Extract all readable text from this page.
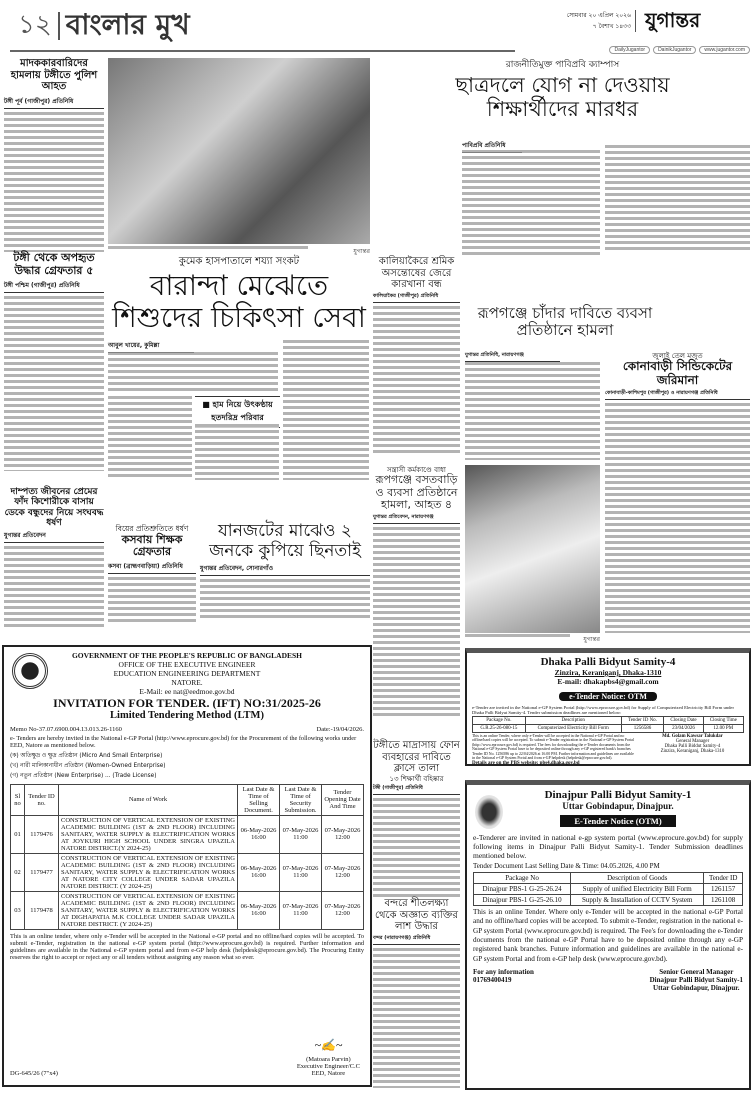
১২ বাংলার মুখ	সোমবার ২০ এপ্রিল ২০২৬
৭ বৈশাখ ১৪৩৩ যুগান্তর
DailyJugantor	DainikJugantor	www.jugantor.com
মাদককারবারিদের হামলায় টঙ্গীতে পুলিশ আহত
টঙ্গী পূর্ব (গাজীপুর) প্রতিনিধি
টঙ্গী থেকে অপহৃত উদ্ধার গ্রেফতার ৫
টঙ্গী পশ্চিম (গাজীপুর) প্রতিনিধি
দাম্পত্য জীবনের প্রেমের ফাঁদ কিশোরীকে বাসায় ডেকে বন্ধুদের নিয়ে সংঘবদ্ধ ধর্ষণ
যুগান্তর প্রতিবেদন
যুগান্তর
কুমেক হাসপাতালে শয্যা সংকট
বারান্দা মেঝেতে শিশুদের চিকিৎসা সেবা
আবুল খায়ের, কুমিল্লা
■ হাম নিয়ে উৎকণ্ঠায় হতদরিদ্র পরিবার
বিয়ের প্রতিশ্রুতিতে ধর্ষণ
কসবায় শিক্ষক গ্রেফতার
কসবা (ব্রাহ্মণবাড়িয়া) প্রতিনিধি
যানজটের মাঝেও ২ জনকে কুপিয়ে ছিনতাই
যুগান্তর প্রতিবেদন, সোনারগাঁও
রাজনীতিমুক্ত পাবিপ্রবি ক্যাম্পাস
ছাত্রদলে যোগ না দেওয়ায় শিক্ষার্থীদের মারধর
পাবিপ্রবি প্রতিনিধি
কালিয়াকৈরে শ্রমিক অসন্তোষের জেরে কারখানা বন্ধ
কালিয়াকৈর (গাজীপুর) প্রতিনিধি
সন্ত্রাসী কর্মকাণ্ডে বাধা
রূপগঞ্জে বসতবাড়ি ও ব্যবসা প্রতিষ্ঠানে হামলা, আহত ৪
যুগান্তর প্রতিবেদন, নারায়ণগঞ্জ
টঙ্গীতে মাদ্রাসায় ফোন ব্যবহারের দাবিতে ক্লাসে তালা
১৩ শিক্ষার্থী বহিষ্কার
টঙ্গী (গাজীপুর) প্রতিনিধি
বন্দরে শীতলক্ষ্যা থেকে অজ্ঞাত ব্যক্তির লাশ উদ্ধার
বন্দর (নারায়ণগঞ্জ) প্রতিনিধি
রূপগঞ্জে চাঁদার দাবিতে ব্যবসা প্রতিষ্ঠানে হামলা
যুগান্তর প্রতিনিধি, নারায়ণগঞ্জ
যুগান্তর
জুলাই তেল মজুত
কোনাবাড়ী সিন্ডিকেটের জরিমানা
কোনাবাড়ী-কাশিমপুর (গাজীপুর) ও নারায়ণগঞ্জ প্রতিনিধি
GOVERNMENT OF THE PEOPLE'S REPUBLIC OF BANGLADESH
OFFICE OF THE EXECUTIVE ENGINEER
EDUCATION ENGINEERING DEPARTMENT
NATORE.
E-Mail: ee nat@eedmoe.gov.bd
INVITATION FOR TENDER. (IFT) NO:31/2025-26
Limited Tendering Method (LTM)
Memo No-37.07.6900.004.13.013.26-1160	Date:-19/04/2026.
e- Tenders are hereby invited in the National e-GP Portal (http://www.eprocure.gov.bd) for the Procurement of the following works under EED, Natore as mentioned below.
(ক) অতিক্ষুদ্র ও ক্ষুদ্র প্রতিষ্ঠান (Micro And Small Enterprise)
(খ) নারী মালিকানাধীন প্রতিষ্ঠান (Women-Owned Enterprise)
(গ) নতুন প্রতিষ্ঠান (New Enterprise) ... (Trade License)
Sl no	Tender ID no.	Name of Work	Last Date & Time of Selling Document.	Last Date & Time of Security Submission.	Tender Opening Date And Time
01	1179476	CONSTRUCTION OF VERTICAL EXTENSION OF EXISTING ACADEMIC BUILDING (1ST & 2ND FLOOR) INCLUDING SANITARY, WATER SUPPLY & ELECTRIFICATION WORKS AT JOYKURI HIGH SCHOOL UNDER SINGRA UPAZILA NATORE DISTRICT.(Y 2024-25)	06-May-2026 16:00	07-May-2026 11:00	07-May-2026 12:00
02	1179477	CONSTRUCTION OF VERTICAL EXTENSION OF EXISTING ACADEMIC BUILDING (1ST & 2ND FLOOR) INCLUDING SANITARY, WATER SUPPLY & ELECTRIFICATION WORKS AT NATORE CITY COLLEGE UNDER SADAR UPAZILA NATORE DISTRICT. (Y 2024-25)	06-May-2026 16:00	07-May-2026 11:00	07-May-2026 12:00
03	1179478	CONSTRUCTION OF VERTICAL EXTENSION OF EXISTING ACADEMIC BUILDING (1ST & 2ND FLOOR) INCLUDING SANITARY, WATER SUPPLY & ELECTRIFICATION WORKS AT DIGHAPATIA M.K COLLEGE UNDER SADAR UPAZILA NATORE DISTRICT. (Y 2024-25)	06-May-2026 16:00	07-May-2026 11:00	07-May-2026 12:00
This is an online tender, where only e-Tender will be accepted in the National e-GP portal and no offline/hard copies will be accepted. To submit e-Tender, registration in the national e-GP system portal (http://www.eprocure.gov.bd) is required. Further information and guidelines are available in the National e-GP system portal and from e-GP help desk (helpdesk@eprocure.gov.bd). The Procuring Entity reserves the right to accept or reject any or all tenders without assigning any reason what so ever.
~✍~
(Matoara Parvin)
Executive Engineer/C.C
EED, Natore
DG-645/26 (7"x4)
Dhaka Palli Bidyut Samity-4
Zinzira, Keraniganj, Dhaka-1310
E-mail: dhakapbs4@gmail.com
e-Tender Notice: OTM
e-Tender are invited in the National e-GP System Portal (http://www.eprocure.gov.bd) for Supply of Computerized Electricity Bill Form under Dhaka Palli Bidyut Samity-4. Tender submission deadlines are mentioned below:
Package No.	Description	Tender ID No.	Closing Date	Closing Time
G.R.25-26-080-15	Computerized Electricity Bill Form	1256586	23/04/2026	12.00 PM
This is an online Tender, where only e-Tender will be accepted in the National e-GP Portal and no offline/hard copies will be accepted. To submit e-Tender registration in the National e-GP System Portal (http://www.eprocure.gov.bd) is required. The fees for downloading the e-Tender documents from the National e-GP System Portal have to be deposited online through any e-GP registered bank's branches Tender ID No. 1256586 up to 22/04/2026 at 16.00 PM. Further information and guidelines are available in the National e-GP System Portal and from e-GP helpdesk (helpdesk@eprocure.gov.bd).
Details are on the PBS website: pbs4.dhaka.gov.bd
Md. Golam Kawsar Talukdar
General Manager
Dhaka Palli Biddut Samity-4
Zinzira, Keraniganj, Dhaka-1310
Dinajpur Palli Bidyut Samity-1
Uttar Gobindapur, Dinajpur.
E-Tender Notice (OTM)
e-Tenderer are invited in national e-gp system portal (www.eprocure.gov.bd) for supply following items in Dinajpur Palli Bidyut Samity-1. Tender Submission deadlines mentioned below.
Tender Document Last Selling Date & Time: 04.05.2026, 4.00 PM
Package No	Description of Goods	Tender ID
Dinajpur PBS-1 G-25-26.24	Supply of unified Electricity Bill Form	1261157
Dinajpur PBS-1 G-25-26.10	Supply & Installation of CCTV System	1261108
This is an online Tender. Where only e-Tender will be accepted in the national e-GP Portal and no offline/hard copies will be accepted. To submit e-Tender, registration in the national e-GP system Portal (www.eprocure.gov.bd) is required. The Fee's for downloading the e-Tender documents from the national e-GP Portal have to be deposited online through any e-GP registered bank branches. Future information and guidelines are available in the national e-GP system Portal and from e-GP help desk (www.eprocure.gov.bd).
For any information
01769400419
Senior General Manager
Dinajpur Palli Bidyut Samity-1
Uttar Gobindapur, Dinajpur.
